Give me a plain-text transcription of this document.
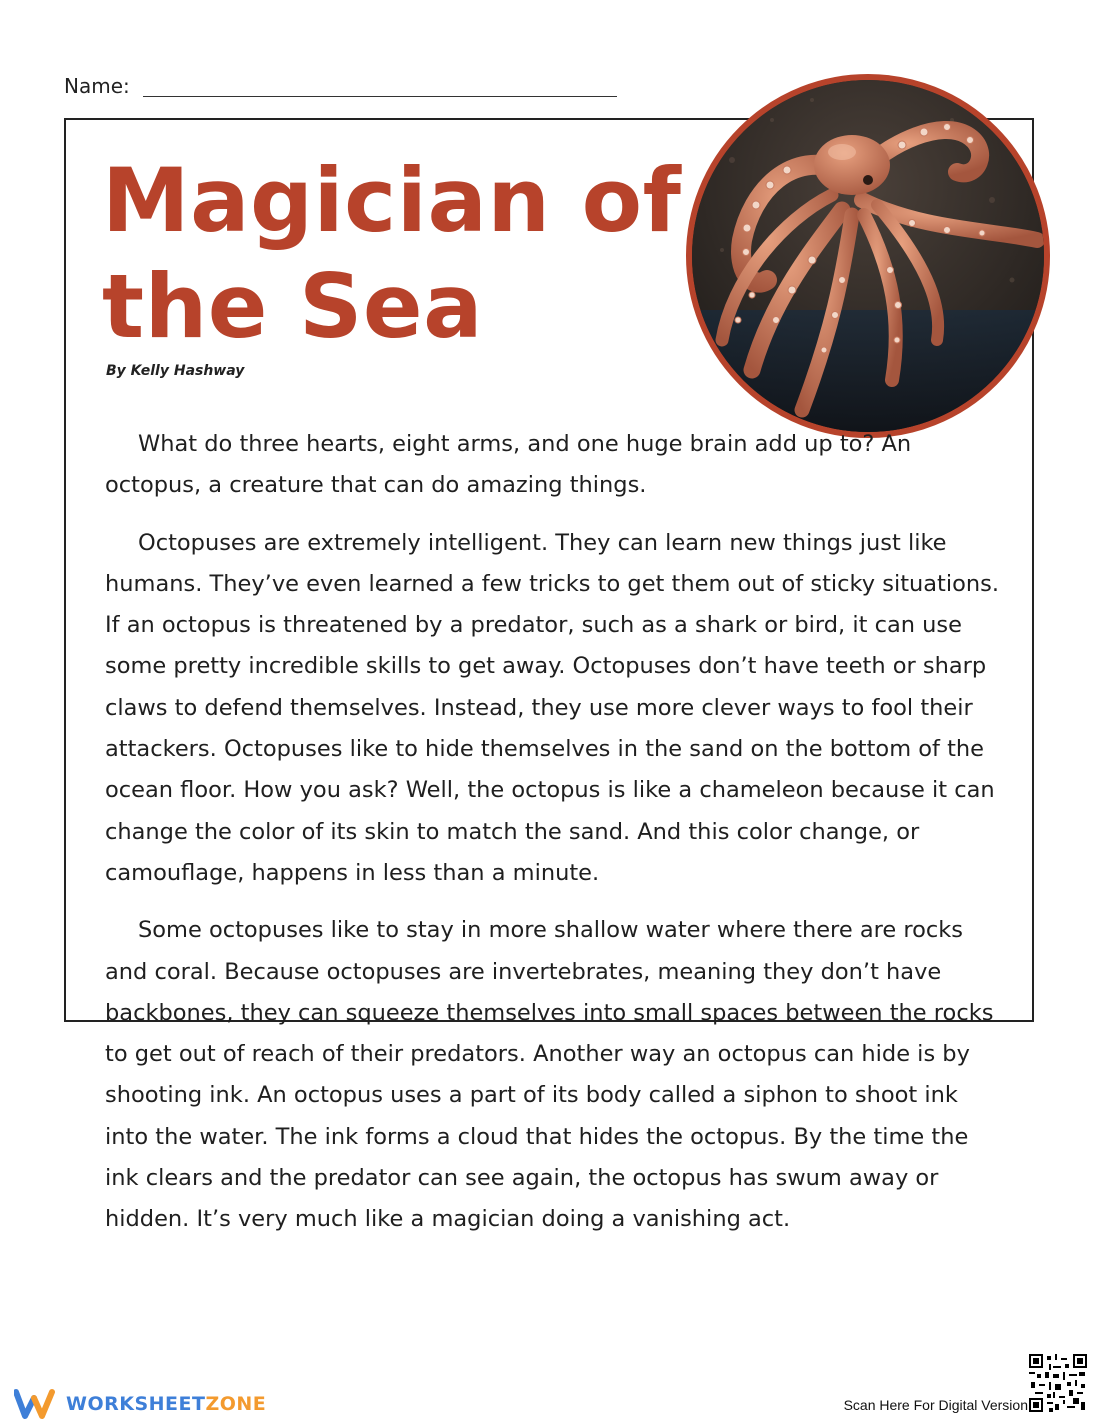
Name:
Magician of the Sea
By Kelly Hashway

What do three hearts, eight arms, and one huge brain add up to? An octopus, a creature that can do amazing things.

Octopuses are extremely intelligent. They can learn new things just like humans. They’ve even learned a few tricks to get them out of sticky situations. If an octopus is threatened by a predator, such as a shark or bird, it can use some pretty incredible skills to get away. Octopuses don’t have teeth or sharp claws to defend themselves. Instead, they use more clever ways to fool their attackers. Octopuses like to hide themselves in the sand on the bottom of the ocean floor. How you ask? Well, the octopus is like a chameleon because it can change the color of its skin to match the sand. And this color change, or camouflage, happens in less than a minute.

Some octopuses like to stay in more shallow water where there are rocks and coral. Because octopuses are invertebrates, meaning they don’t have backbones, they can squeeze themselves into small spaces between the rocks to get out of reach of their predators. Another way an octopus can hide is by shooting ink. An octopus uses a part of its body called a siphon to shoot ink into the water. The ink forms a cloud that hides the octopus. By the time the ink clears and the predator can see again, the octopus has swum away or hidden. It’s very much like a magician doing a vanishing act.

WORKSHEETZONE	Scan Here For Digital Version
